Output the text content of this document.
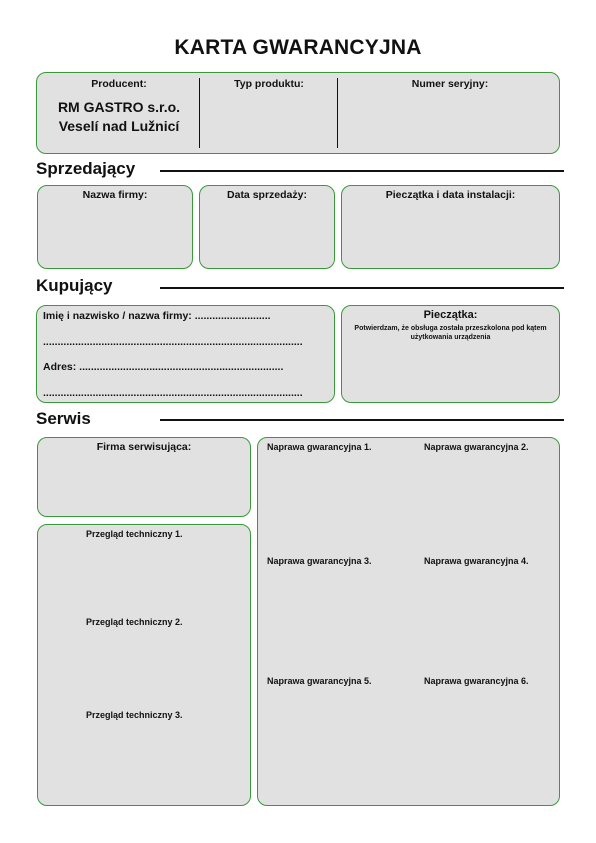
KARTA GWARANCYJNA
Producent:
RM GASTRO s.r.o.
Veselí nad Lužnicí
Typ produktu:	Numer seryjny:
Sprzedający
Nazwa firmy:	Data sprzedaży:	Pieczątka i data instalacji:
Kupujący
Imię i nazwisko / nazwa firmy: ..........................
.........................................................................................
Adres: ......................................................................
.........................................................................................
Pieczątka:
Potwierdzam, że obsługa została przeszkolona pod kątem użytkowania urządzenia
Serwis
Firma serwisująca:
Przegląd techniczny 1.
Przegląd techniczny 2.
Przegląd techniczny 3.
Naprawa gwarancyjna 1.	Naprawa gwarancyjna 2.
Naprawa gwarancyjna 3.	Naprawa gwarancyjna 4.
Naprawa gwarancyjna 5.	Naprawa gwarancyjna 6.
